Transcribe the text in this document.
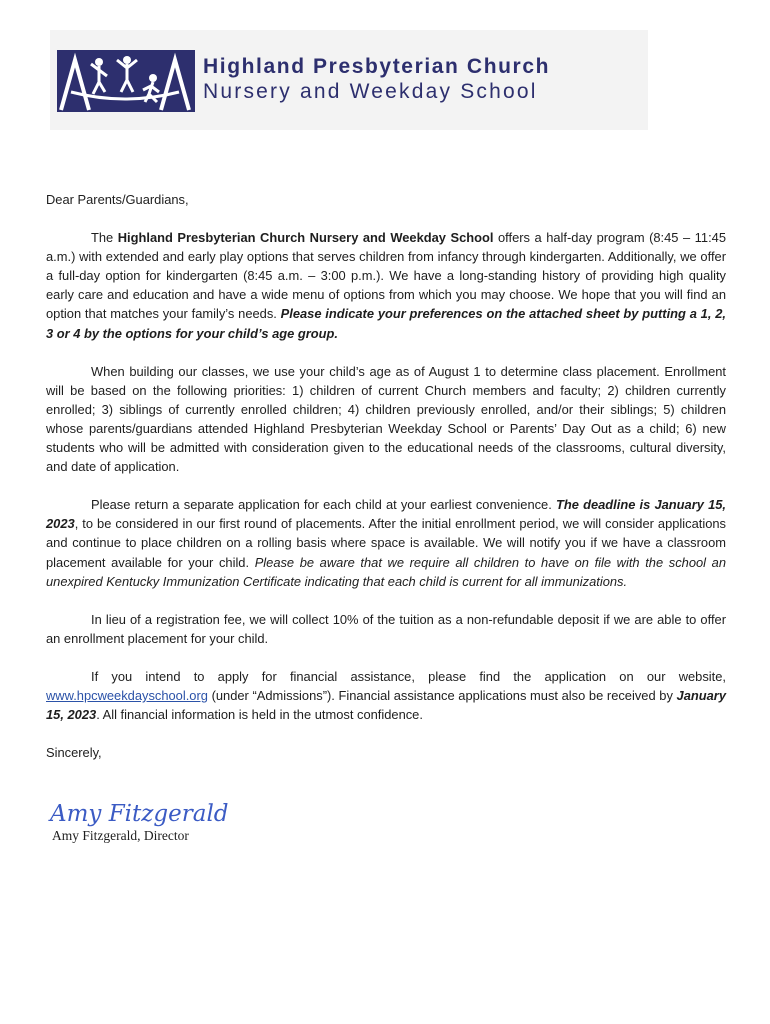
Highland Presbyterian Church
Nursery and Weekday School

Dear Parents/Guardians,

The Highland Presbyterian Church Nursery and Weekday School offers a half-day program (8:45 – 11:45 a.m.) with extended and early play options that serves children from infancy through kindergarten. Additionally, we offer a full-day option for kindergarten (8:45 a.m. – 3:00 p.m.). We have a long-standing history of providing high quality early care and education and have a wide menu of options from which you may choose. We hope that you will find an option that matches your family’s needs. Please indicate your preferences on the attached sheet by putting a 1, 2, 3 or 4 by the options for your child’s age group.

When building our classes, we use your child’s age as of August 1 to determine class placement. Enrollment will be based on the following priorities: 1) children of current Church members and faculty; 2) children currently enrolled; 3) siblings of currently enrolled children; 4) children previously enrolled, and/or their siblings; 5) children whose parents/guardians attended Highland Presbyterian Weekday School or Parents’ Day Out as a child; 6) new students who will be admitted with consideration given to the educational needs of the classrooms, cultural diversity, and date of application.

Please return a separate application for each child at your earliest convenience. The deadline is January 15, 2023, to be considered in our first round of placements. After the initial enrollment period, we will consider applications and continue to place children on a rolling basis where space is available. We will notify you if we have a classroom placement available for your child. Please be aware that we require all children to have on file with the school an unexpired Kentucky Immunization Certificate indicating that each child is current for all immunizations.

In lieu of a registration fee, we will collect 10% of the tuition as a non-refundable deposit if we are able to offer an enrollment placement for your child.

If you intend to apply for financial assistance, please find the application on our website, www.hpcweekdayschool.org (under “Admissions”). Financial assistance applications must also be received by January 15, 2023. All financial information is held in the utmost confidence.

Sincerely,

Amy Fitzgerald
Amy Fitzgerald, Director
